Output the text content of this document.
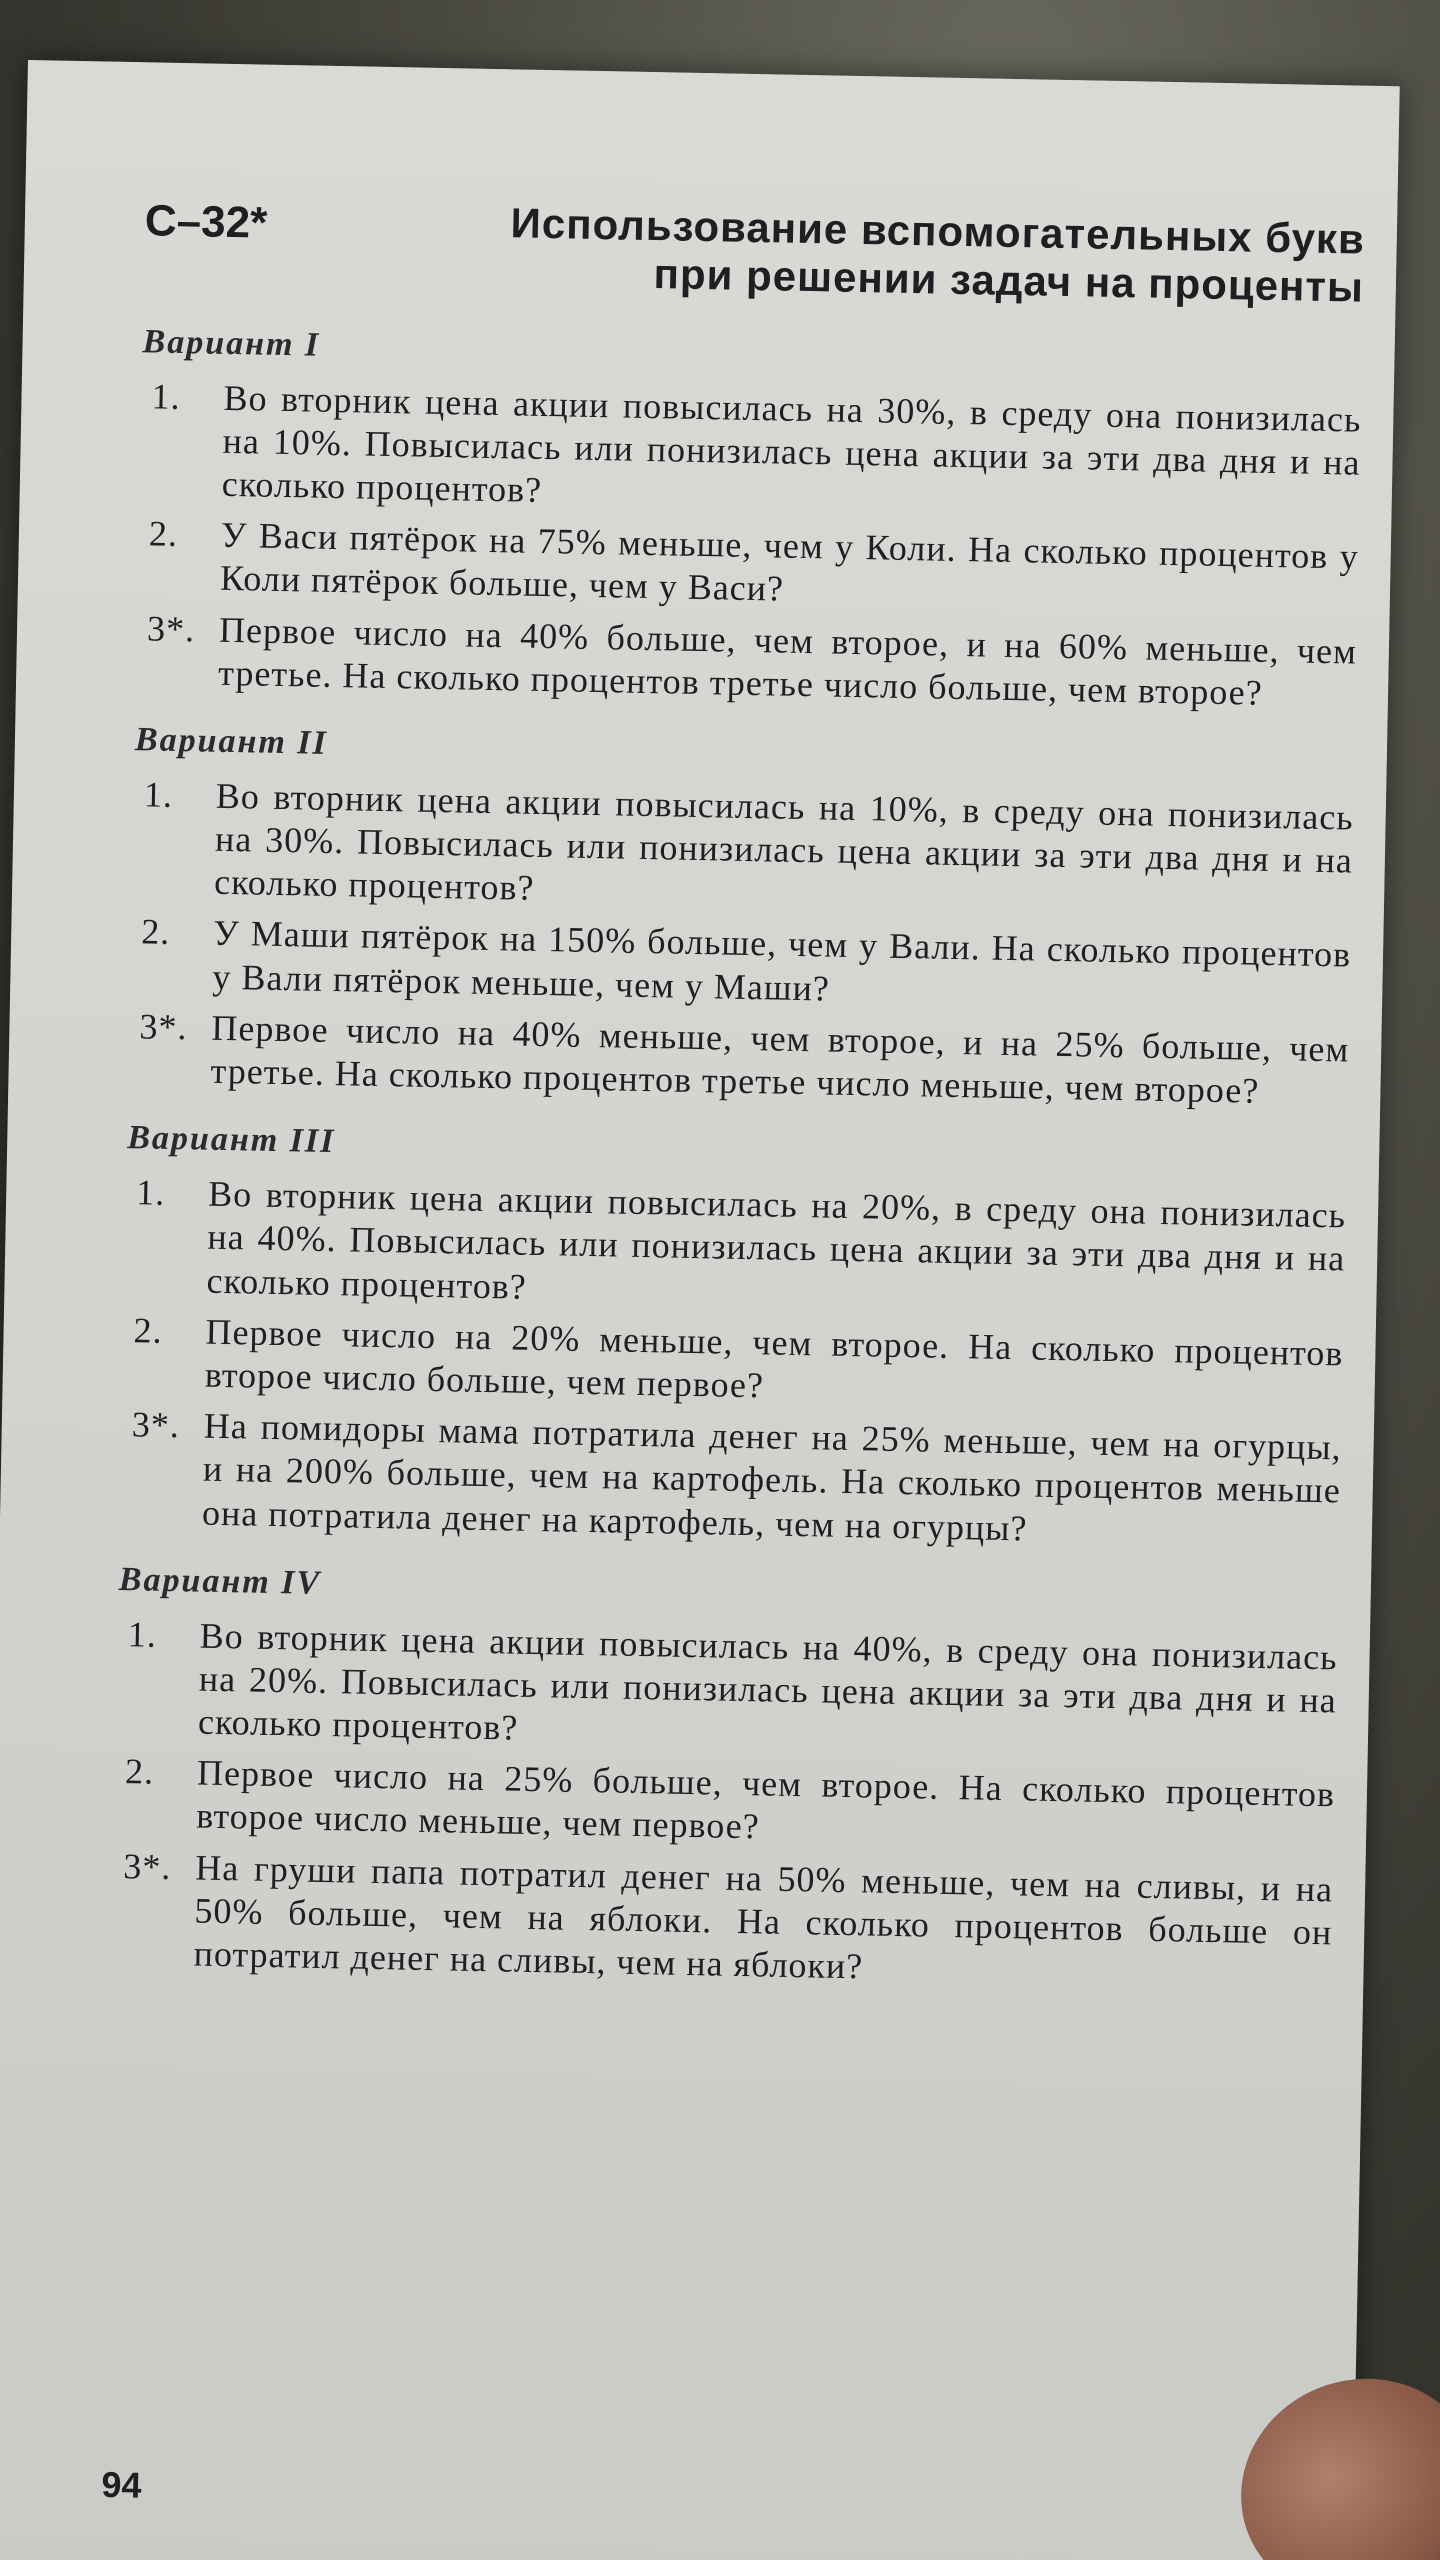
С–32*	Использование вспомогательных букв
при решении задач на проценты
Вариант I
1.	Во вторник цена акции повысилась на 30%, в среду она понизилась на 10%. Повысилась или понизилась цена акции за эти два дня и на сколько процентов?
2.	У Васи пятёрок на 75% меньше, чем у Коли. На сколько процентов у Коли пятёрок больше, чем у Васи?
3*. Первое число на 40% больше, чем второе, и на 60% меньше, чем третье. На сколько процентов третье число больше, чем второе?
Вариант II
1.	Во вторник цена акции повысилась на 10%, в среду она понизилась на 30%. Повысилась или понизилась цена акции за эти два дня и на сколько процентов?
2.	У Маши пятёрок на 150% больше, чем у Вали. На сколько процентов у Вали пятёрок меньше, чем у Маши?
3*. Первое число на 40% меньше, чем второе, и на 25% больше, чем третье. На сколько процентов третье число меньше, чем второе?
Вариант III
1.	Во вторник цена акции повысилась на 20%, в среду она понизилась на 40%. Повысилась или понизилась цена акции за эти два дня и на сколько процентов?
2.	Первое число на 20% меньше, чем второе. На сколько процентов второе число больше, чем первое?
3*. На помидоры мама потратила денег на 25% меньше, чем на огурцы, и на 200% больше, чем на картофель. На сколько процентов меньше она потратила денег на картофель, чем на огурцы?
Вариант IV
1.	Во вторник цена акции повысилась на 40%, в среду она понизилась на 20%. Повысилась или понизилась цена акции за эти два дня и на сколько процентов?
2.	Первое число на 25% больше, чем второе. На сколько процентов второе число меньше, чем первое?
3*. На груши папа потратил денег на 50% меньше, чем на сливы, и на 50% больше, чем на яблоки. На сколько процентов больше он потратил денег на сливы, чем на яблоки?
94
